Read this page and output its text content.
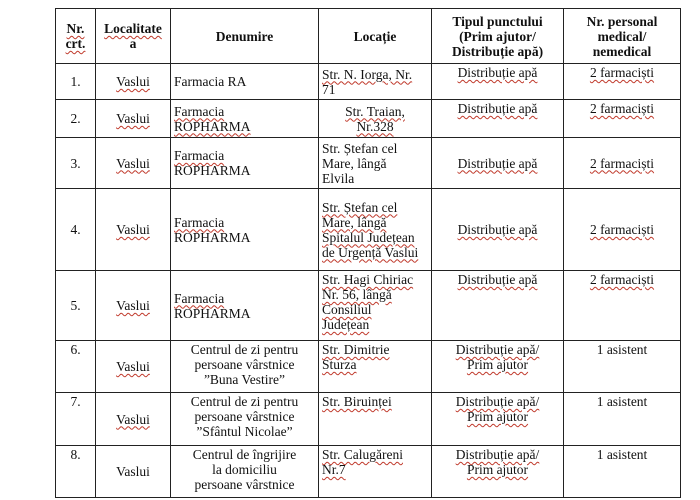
Nr.
crt.	Localitate
a	Denumire	Locație	Tipul punctului
(Prim ajutor/
Distribuție apă)	Nr. personal
medical/
nemedical
1.	Vaslui	Farmacia RA	Str. N. Iorga, Nr.
71	Distribuție apă	2 farmaciști
2.	Vaslui	Farmacia
ROPHARMA	Str. Traian,
Nr.328	Distribuție apă	2 farmaciști
3.	Vaslui	Farmacia
ROPHARMA	Str. Ștefan cel
Mare, lângă
Elvila	Distribuție apă	2 farmaciști
4.	Vaslui	Farmacia
ROPHARMA	Str. Ștefan cel
Mare, lângă
Spitalul Județean
de Urgență Vaslui	Distribuție apă	2 farmaciști
5.	Vaslui	Farmacia
ROPHARMA	Str. Hagi Chiriac
Nr. 56, lângă
Consiliul
Județean	Distribuție apă	2 farmaciști
6.	Vaslui	Centrul de zi pentru
persoane vârstnice
”Buna Vestire”	Str. Dimitrie
Sturza	Distribuție apă/
Prim ajutor	1 asistent
7.	Vaslui	Centrul de zi pentru
persoane vârstnice
”Sfântul Nicolae”	Str. Biruinței	Distribuție apă/
Prim ajutor	1 asistent
8.	Vaslui	Centrul de îngrijire
la domiciliu
persoane vârstnice	Str. Calugăreni
Nr.7	Distribuție apă/
Prim ajutor	1 asistent
